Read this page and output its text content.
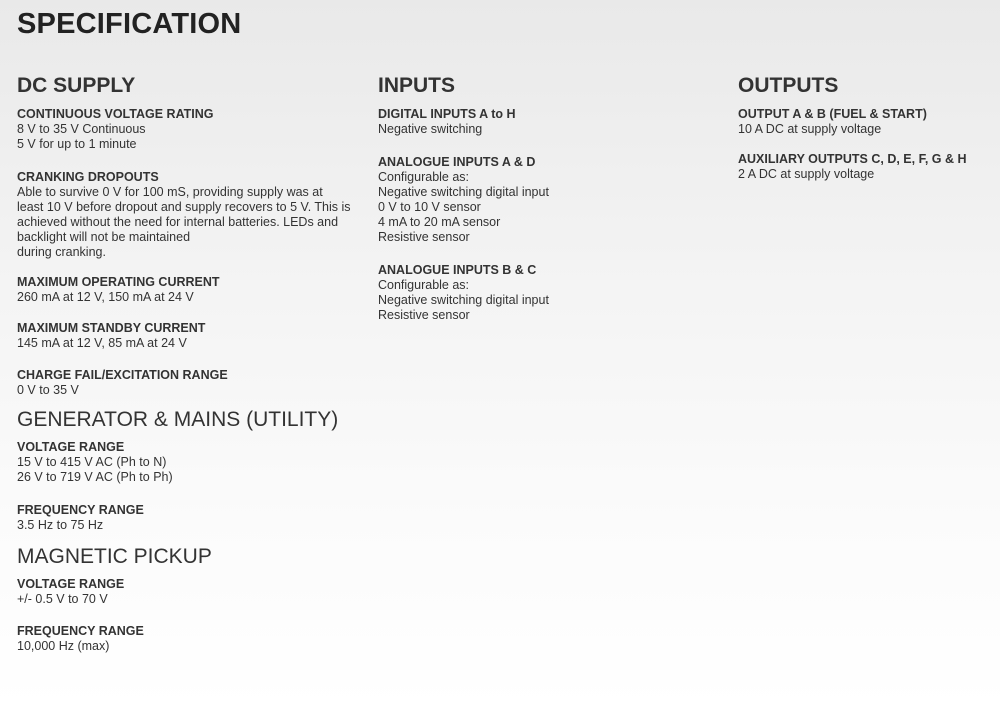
SPECIFICATION
DC SUPPLY

CONTINUOUS VOLTAGE RATING

8 V to 35 V Continuous
5 V for up to 1 minute

CRANKING DROPOUTS

Able to survive 0 V for 100 mS, providing supply was at
least 10 V before dropout and supply recovers to 5 V. This is
achieved without the need for internal batteries. LEDs and
backlight will not be maintained
during cranking.

MAXIMUM OPERATING CURRENT

260 mA at 12 V, 150 mA at 24 V

MAXIMUM STANDBY CURRENT

145 mA at 12 V, 85 mA at 24 V

CHARGE FAIL/EXCITATION RANGE

0 V to 35 V

GENERATOR & MAINS (UTILITY)

VOLTAGE RANGE

15 V to 415 V AC (Ph to N)
26 V to 719 V AC (Ph to Ph)

FREQUENCY RANGE

3.5 Hz to 75 Hz

MAGNETIC PICKUP

VOLTAGE RANGE

+/- 0.5 V to 70 V

FREQUENCY RANGE

10,000 Hz (max)

INPUTS

DIGITAL INPUTS A to H

Negative switching

ANALOGUE INPUTS A & D

Configurable as:
Negative switching digital input
0 V to 10 V sensor
4 mA to 20 mA sensor
Resistive sensor

ANALOGUE INPUTS B & C

Configurable as:
Negative switching digital input
Resistive sensor

OUTPUTS

OUTPUT A & B (FUEL & START)

10 A DC at supply voltage

AUXILIARY OUTPUTS C, D, E, F, G & H

2 A DC at supply voltage
